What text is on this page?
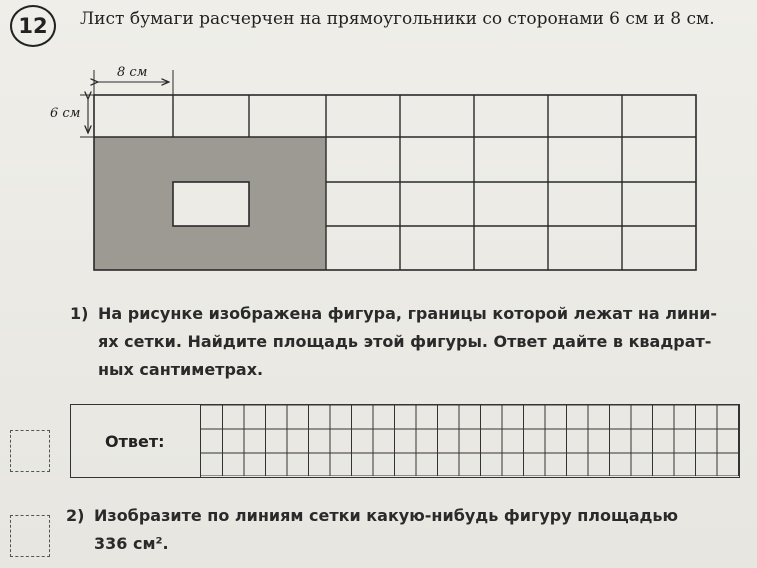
12 Лист бумаги расчерчен на прямоугольники со сторонами 6 см и 8 см.
8 см
6 см
1) На рисунке изображена фигура, границы которой лежат на лини-
ях сетки. Найдите площадь этой фигуры. Ответ дайте в квадрат-
ных сантиметрах.
Ответ:
2) Изобразите по линиям сетки какую-нибудь фигуру площадью
336 см².
